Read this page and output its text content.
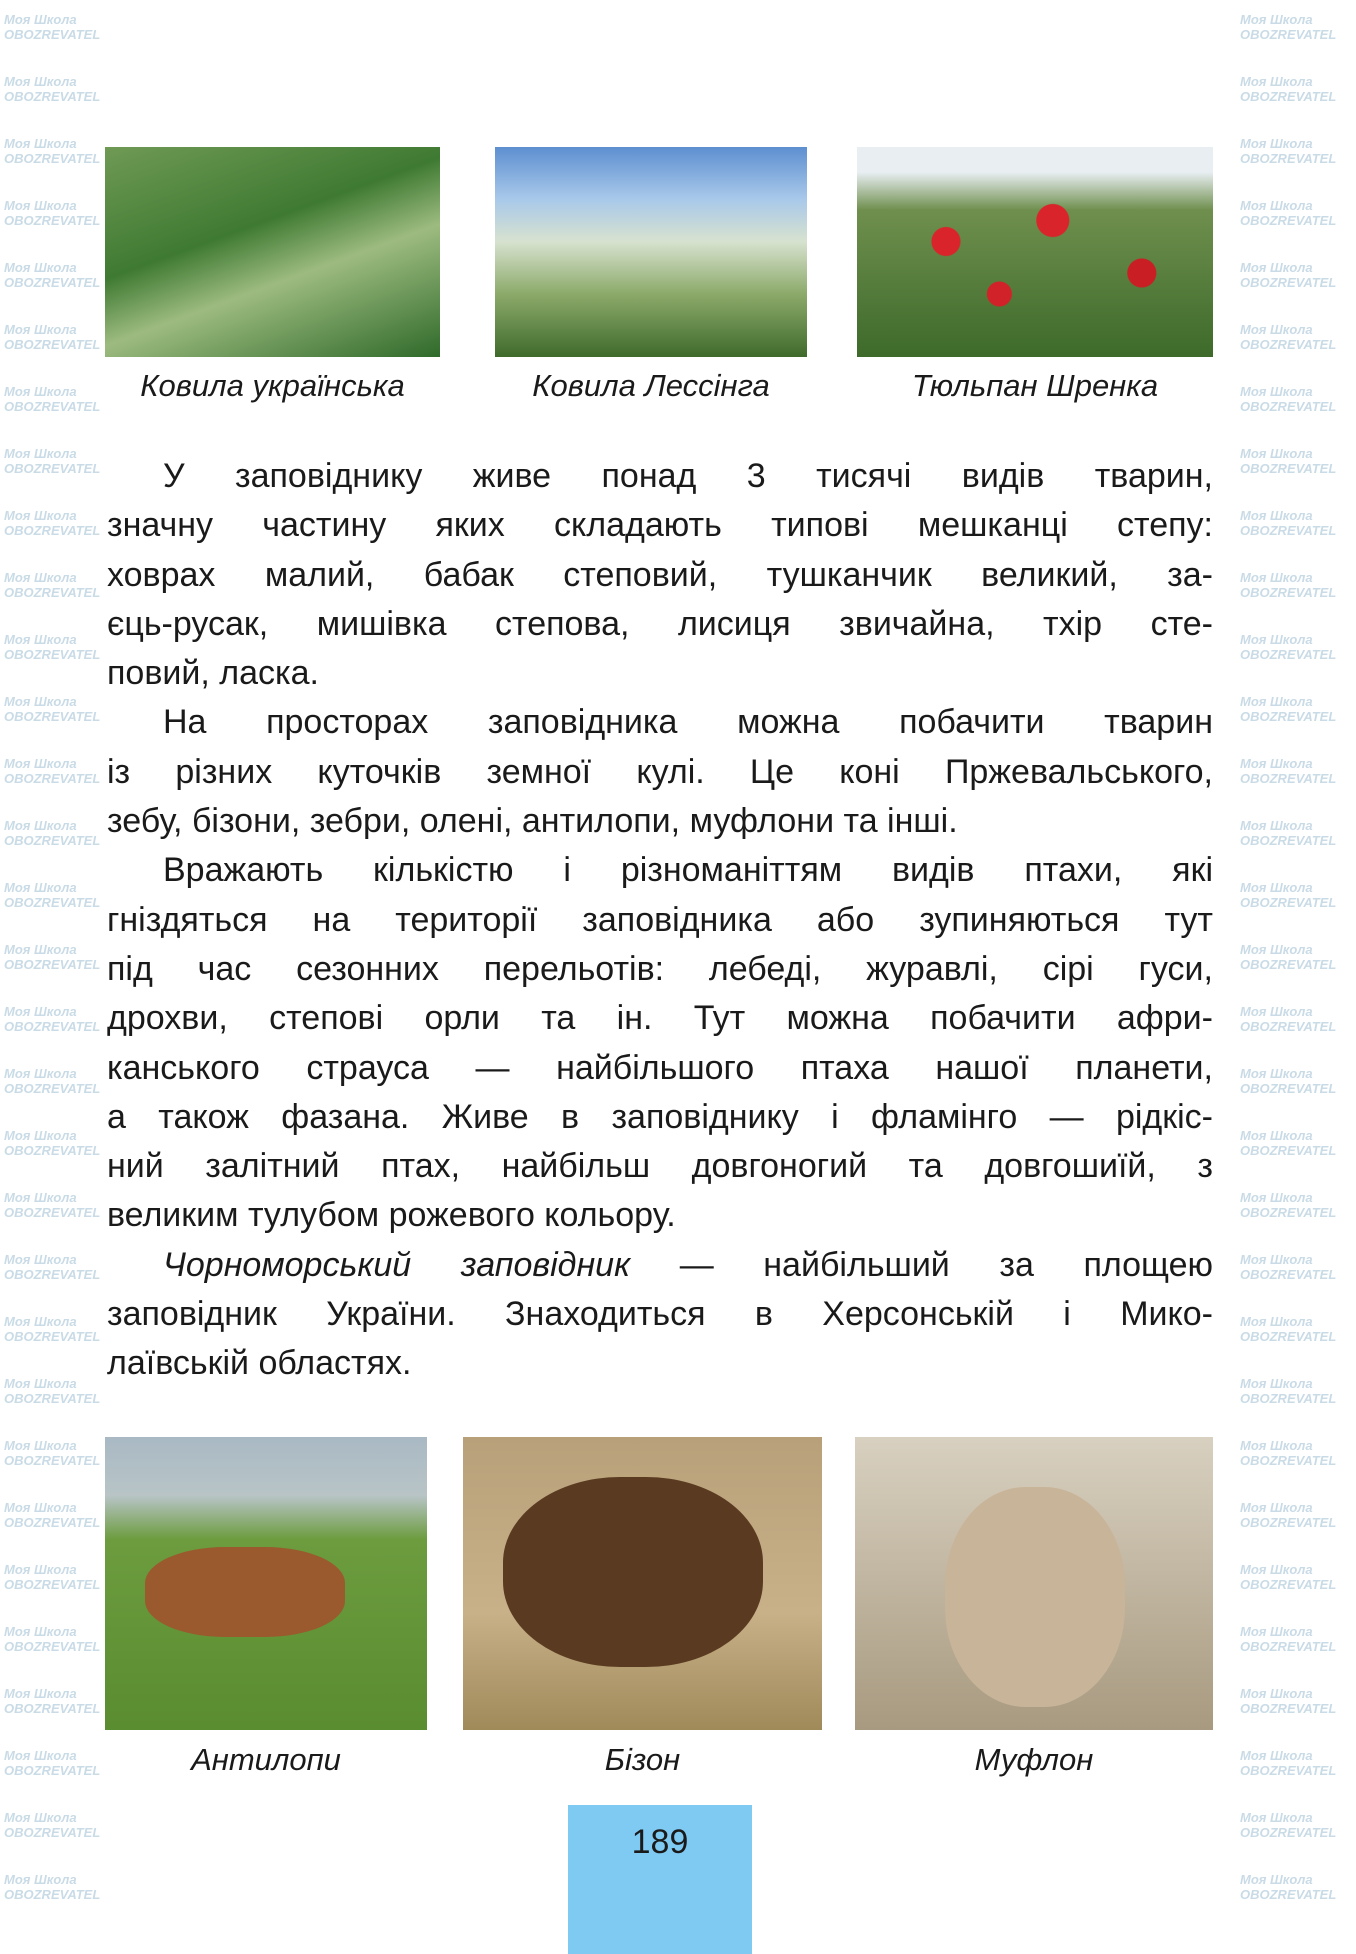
Моя Школа OBOZREVATEL
Моя Школа OBOZREVATEL
Моя Школа OBOZREVATEL
Моя Школа OBOZREVATEL
Моя Школа OBOZREVATEL
Моя Школа OBOZREVATEL
Моя Школа OBOZREVATEL
Моя Школа OBOZREVATEL
Моя Школа OBOZREVATEL
Моя Школа OBOZREVATEL
Моя Школа OBOZREVATEL
Моя Школа OBOZREVATEL
Моя Школа OBOZREVATEL
Моя Школа OBOZREVATEL
Моя Школа OBOZREVATEL
Моя Школа OBOZREVATEL
Моя Школа OBOZREVATEL
Моя Школа OBOZREVATEL
Моя Школа OBOZREVATEL
Моя Школа OBOZREVATEL
Моя Школа OBOZREVATEL
Моя Школа OBOZREVATEL
Моя Школа OBOZREVATEL
Моя Школа OBOZREVATEL
Моя Школа OBOZREVATEL
Моя Школа OBOZREVATEL
Моя Школа OBOZREVATEL
Моя Школа OBOZREVATEL
Моя Школа OBOZREVATEL
Моя Школа OBOZREVATEL
Моя Школа OBOZREVATEL
Моя Школа OBOZREVATEL
Моя Школа OBOZREVATEL
Моя Школа OBOZREVATEL
Моя Школа OBOZREVATEL
Моя Школа OBOZREVATEL
Моя Школа OBOZREVATEL
Моя Школа OBOZREVATEL
Моя Школа OBOZREVATEL
Моя Школа OBOZREVATEL
Моя Школа OBOZREVATEL
Моя Школа OBOZREVATEL
Моя Школа OBOZREVATEL
Моя Школа OBOZREVATEL
Моя Школа OBOZREVATEL
Моя Школа OBOZREVATEL
Моя Школа OBOZREVATEL
Моя Школа OBOZREVATEL
Моя Школа OBOZREVATEL
Моя Школа OBOZREVATEL
Моя Школа OBOZREVATEL
Моя Школа OBOZREVATEL
Моя Школа OBOZREVATEL
Моя Школа OBOZREVATEL
Моя Школа OBOZREVATEL
Моя Школа OBOZREVATEL
Моя Школа OBOZREVATEL
Моя Школа OBOZREVATEL
Моя Школа OBOZREVATEL
Моя Школа OBOZREVATEL
Моя Школа OBOZREVATEL
Моя Школа OBOZREVATEL
Ковила українська	Ковила Лессінга	Тюльпан Шренка
У заповіднику живе понад 3 тисячі видів тварин,
значну частину яких складають типові мешканці степу:
ховрах малий, бабак степовий, тушканчик великий, за-
єць-русак, мишівка степова, лисиця звичайна, тхір сте-
повий, ласка.
На просторах заповідника можна побачити тварин
із різних куточків земної кулі. Це коні Пржевальського,
зебу, бізони, зебри, олені, антилопи, муфлони та інші.
Вражають кількістю і різноманіттям видів птахи, які
гніздяться на території заповідника або зупиняються тут
під час сезонних перельотів: лебеді, журавлі, сірі гуси,
дрохви, степові орли та ін. Тут можна побачити афри-
канського страуса — найбільшого птаха нашої планети,
а також фазана. Живе в заповіднику і фламінго — рідкіс-
ний залітний птах, найбільш довгоногий та довгошиїй, з
великим тулубом рожевого кольору.
Чорноморський заповідник — найбільший за площею
заповідник України. Знаходиться в Херсонській і Мико-
лаївській областях.
Антилопи	Бізон	Муфлон
189
